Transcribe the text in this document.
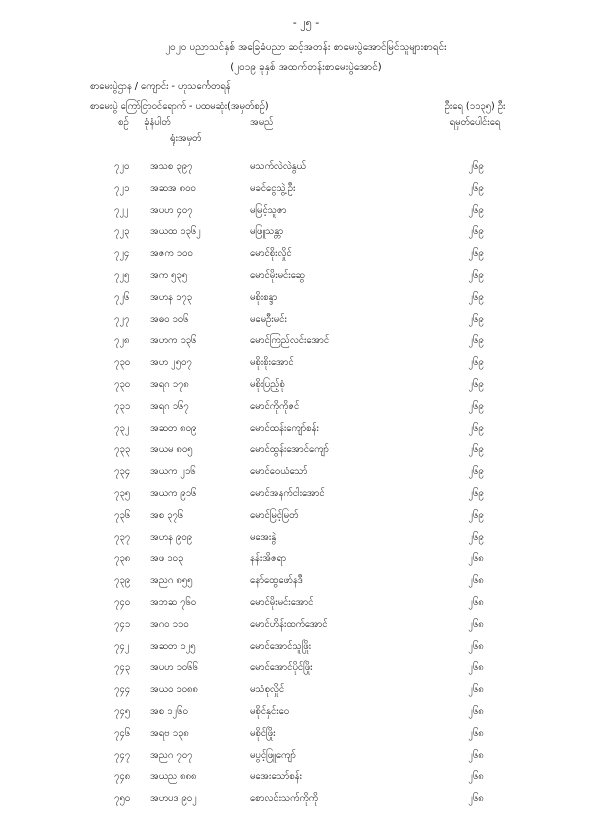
- ၂၅ -
၂၀၂၀ ပညာသင်နှစ် အခြေခံပညာ ဆင့်အတန်း စာမေးပွဲအောင်မြင်သူများစာရင်း
(၂၀၁၉ ခုနှစ် အထက်တန်းစာမေးပွဲအောင်)
စာမေးပွဲဌာန / ကျောင်း - ဟုသင်္ကေတရန်
စာမေးပွဲ ကြော်ငြာဝင်ရောက် - ပထမဆုံး(အမှတ်စဉ်)	ဦးရေ (၁၁၃၅) ဦး
ရမှတ်ပေါင်းရေ
စဉ် ခုံနံပါတ်	အမည်
ရုံးအမှတ်
၇၂၀ အသစ ၃၉၇	မသက်လဲလဲနွယ်	၂၆၉
၇၂၁ အဆအ ၈၀၀	မခင်ငွေသွဲ့ဦး	၂၆၉
၇၂၂ အပဟ ၄၀၇	မမြင့်သူဇာ	၂၆၉
၇၂၃ အယထ ၁၃၆၂	မဖြူသန္တာ	၂၆၉
၇၂၄ အဇက ၁၀၀	မောင်စိုးလှိုင်	၂၆၉
၇၂၅ အက ၅၃၅	မောင်မိုးမင်းဆွေ	၂၆၉
၇၂၆ အဟန ၁၇၃	မစိုးစန္ဒာ	၂၆၉
၇၂၇ အဓ၀ ၁၀၆	မမေဦးမင်း	၂၆၉
၇၂၈ အဟက ၁၃၆	မောင်ကြည်လင်းအောင်	၂၆၉
၇၃၀ အဟ ၂၅၀၇	မစိုးစိုးအောင်	၂၆၉
၇၃၀ အရဂ ၁၇၈	မစိုးပြည့်စုံ	၂၆၉
၇၃၁ အရဂ ၁၆၇	မောင်ကိုကိုဇင်	၂၆၉
၇၃၂ အဆတ ၈၀၉	မောင်ထန်းကျော်စန်း	၂၆၉
၇၃၃ အယမ ၈၀၅	မောင်ထွန်းအောင်ကျော်	၂၆၉
၇၃၄ အယက ၂၁၆	မောင်ဝေယံသော်	၂၆၉
၇၃၅ အယက ၉၁၆	မောင်အနက်ငါးအောင်	၂၆၉
၇၃၆ အစ ၃၇၆	မောင်မြင့်မြတ်	၂၆၉
၇၃၇ အဟန ၉၀၉	မအေးနွဲ	၂၆၉
၇၃၈ အဖ ၁၀၃	နန်းအိဇရာ	၂၆၈
၇၃၉ အညဂ ၈၅၅	နော်ထွေဖော်နဒီ	၂၆၈
၇၄၀ အဘဆ ၇၆၀	မောင်မိုးမင်းအောင်	၂၆၈
၇၄၁ အဂ၀ ၁၁၀	မောင်ဟိန်းထက်အောင်	၂၆၈
၇၄၂ အဆတ ၁၂၅	မောင်အောင်သူဖြိုး	၂၆၈
၇၄၃ အပဟ ၁၀၆၆	မောင်အောင်ပိုင်ဖြိုး	၂၆၈
၇၄၄ အယဝ ၁၀၈၈	မသံစုလှိုင်	၂၆၈
၇၄၅ အစ ၁၂၆၀	မစိုင်နှင်းဝေ	၂၆၈
၇၄၆ အရဗ ၁၃၈	မစိုင်ဖြိုး	၂၆၈
၇၄၇ အညဂ ၇၀၇	မပွင့်ဖြူကျော်	၂၆၈
၇၄၈ အယည ၈၈၈	မအေးသော်စန်း	၂၆၈
၇၅၀ အဟပဒ ၉၀၂	စောလင်းသက်ကိုကို	၂၆၈
